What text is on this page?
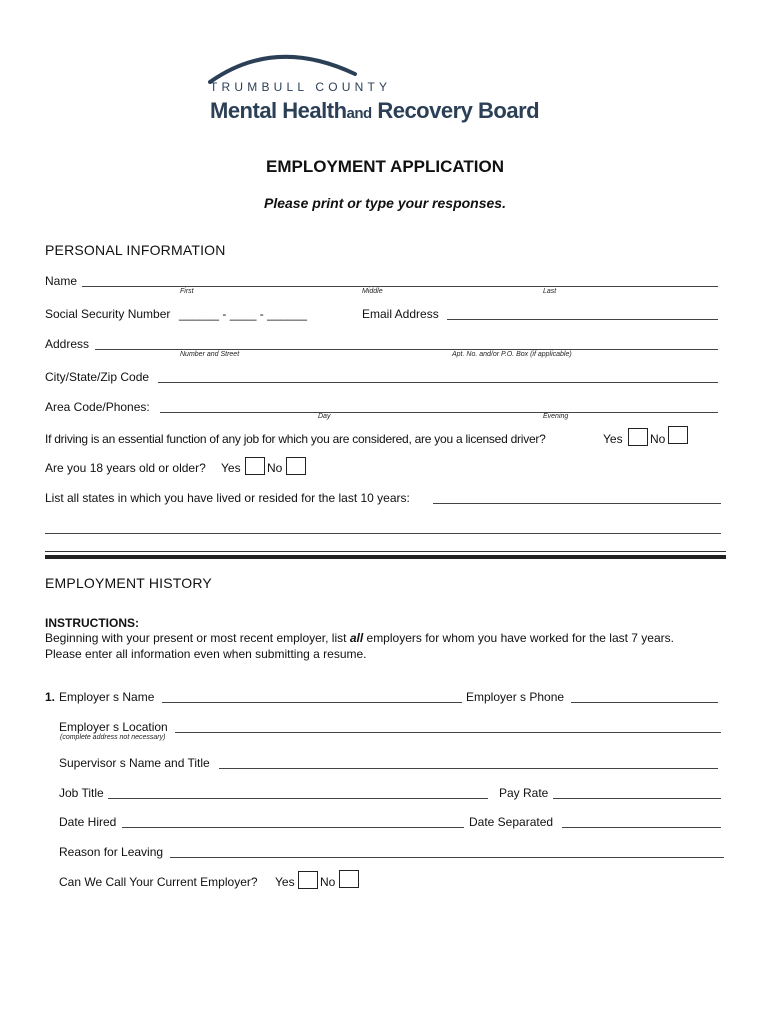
TRUMBULL COUNTY
Mental Healthand Recovery Board
EMPLOYMENT APPLICATION
Please print or type your responses.
PERSONAL INFORMATION
Name
First	Middle	Last
Social Security Number ______ - ____ - ______	Email Address
Address
Number and Street	Apt. No. and/or P.O. Box (if applicable)
City/State/Zip Code
Area Code/Phones:
Day	Evening
If driving is an essential function of any job for which you are considered, are you a licensed driver?	Yes No
Are you 18 years old or older? Yes No
List all states in which you have lived or resided for the last 10 years:
EMPLOYMENT HISTORY
INSTRUCTIONS:
Beginning with your present or most recent employer, list all employers for whom you have worked for the last 7 years.
Please enter all information even when submitting a resume.
1. Employer s Name	Employer s Phone
Employer s Location
(complete address not necessary)
Supervisor s Name and Title
Job Title	Pay Rate
Date Hired	Date Separated
Reason for Leaving
Can We Call Your Current Employer? Yes No
